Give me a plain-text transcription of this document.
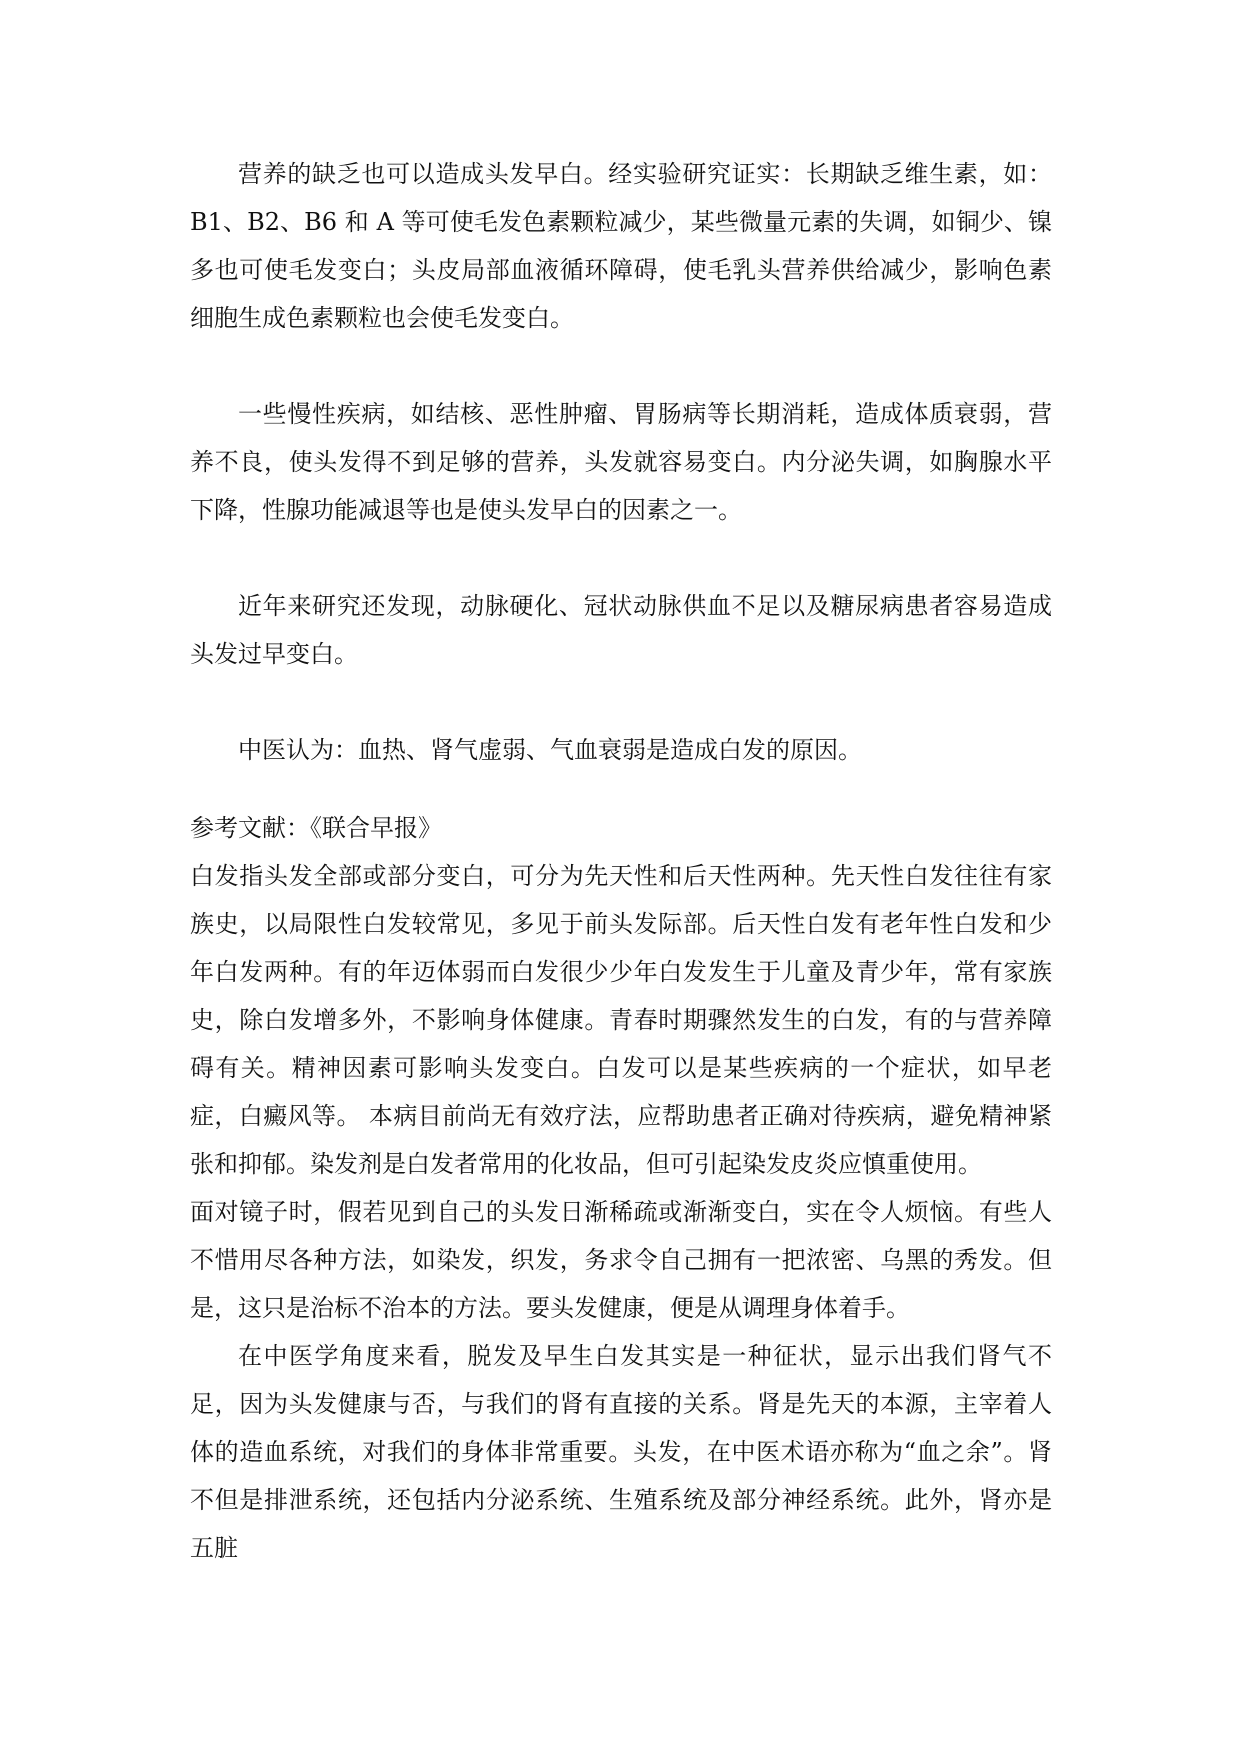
营养的缺乏也可以造成头发早白。经实验研究证实：长期缺乏维生素，如：B1、B2、B6 和 A 等可使毛发色素颗粒减少，某些微量元素的失调，如铜少、镍多也可使毛发变白；头皮局部血液循环障碍，使毛乳头营养供给减少，影响色素细胞生成色素颗粒也会使毛发变白。

一些慢性疾病，如结核、恶性肿瘤、胃肠病等长期消耗，造成体质衰弱，营养不良，使头发得不到足够的营养，头发就容易变白。内分泌失调，如胸腺水平下降，性腺功能减退等也是使头发早白的因素之一。

近年来研究还发现，动脉硬化、冠状动脉供血不足以及糖尿病患者容易造成头发过早变白。

中医认为：血热、肾气虚弱、气血衰弱是造成白发的原因。

参考文献：《联合早报》

白发指头发全部或部分变白，可分为先天性和后天性两种。先天性白发往往有家族史，以局限性白发较常见，多见于前头发际部。后天性白发有老年性白发和少年白发两种。有的年迈体弱而白发很少少年白发发生于儿童及青少年，常有家族史，除白发增多外，不影响身体健康。青春时期骤然发生的白发，有的与营养障碍有关。精神因素可影响头发变白。白发可以是某些疾病的一个症状，如早老症，白癜风等。 本病目前尚无有效疗法，应帮助患者正确对待疾病，避免精神紧张和抑郁。染发剂是白发者常用的化妆品，但可引起染发皮炎应慎重使用。

面对镜子时，假若见到自己的头发日渐稀疏或渐渐变白，实在令人烦恼。有些人不惜用尽各种方法，如染发，织发，务求令自己拥有一把浓密、乌黑的秀发。但是，这只是治标不治本的方法。要头发健康，便是从调理身体着手。

在中医学角度来看，脱发及早生白发其实是一种征状，显示出我们肾气不足，因为头发健康与否，与我们的肾有直接的关系。肾是先天的本源，主宰着人体的造血系统，对我们的身体非常重要。头发，在中医术语亦称为“血之余”。肾不但是排泄系统，还包括内分泌系统、生殖系统及部分神经系统。此外，肾亦是五脏
